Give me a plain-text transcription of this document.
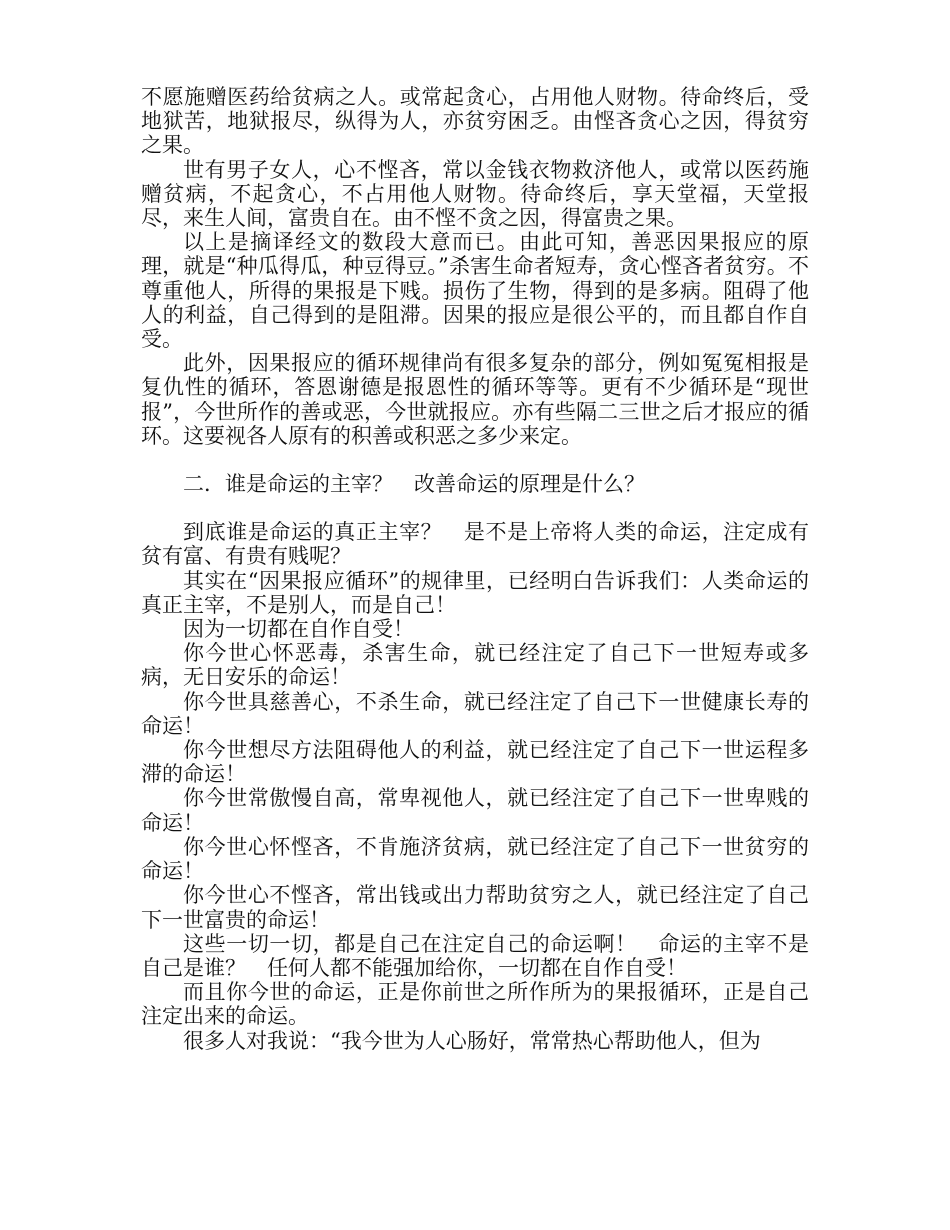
不愿施赠医药给贫病之人。或常起贪心，占用他人财物。待命终后，受地狱苦，地狱报尽，纵得为人，亦贫穷困乏。由悭吝贪心之因，得贫穷之果。

世有男子女人，心不悭吝，常以金钱衣物救济他人，或常以医药施赠贫病，不起贪心，不占用他人财物。待命终后，享天堂福，天堂报尽，来生人间，富贵自在。由不悭不贪之因，得富贵之果。

以上是摘译经文的数段大意而已。由此可知，善恶因果报应的原理，就是“种瓜得瓜，种豆得豆。”杀害生命者短寿，贪心悭吝者贫穷。不尊重他人，所得的果报是下贱。损伤了生物，得到的是多病。阻碍了他人的利益，自己得到的是阻滞。因果的报应是很公平的，而且都自作自受。

此外，因果报应的循环规律尚有很多复杂的部分，例如冤冤相报是复仇性的循环，答恩谢德是报恩性的循环等等。更有不少循环是“现世报”，今世所作的善或恶，今世就报应。亦有些隔二三世之后才报应的循环。这要视各人原有的积善或积恶之多少来定。

二．谁是命运的主宰？　改善命运的原理是什么？

到底谁是命运的真正主宰？　是不是上帝将人类的命运，注定成有贫有富、有贵有贱呢？

其实在“因果报应循环”的规律里，已经明白告诉我们：人类命运的真正主宰，不是别人，而是自己！

因为一切都在自作自受！

你今世心怀恶毒，杀害生命，就已经注定了自己下一世短寿或多病，无日安乐的命运！

你今世具慈善心，不杀生命，就已经注定了自己下一世健康长寿的命运！

你今世想尽方法阻碍他人的利益，就已经注定了自己下一世运程多滞的命运！

你今世常傲慢自高，常卑视他人，就已经注定了自己下一世卑贱的命运！

你今世心怀悭吝，不肯施济贫病，就已经注定了自己下一世贫穷的命运！

你今世心不悭吝，常出钱或出力帮助贫穷之人，就已经注定了自己下一世富贵的命运！

这些一切一切，都是自己在注定自己的命运啊！　命运的主宰不是自己是谁？　任何人都不能强加给你，一切都在自作自受！

而且你今世的命运，正是你前世之所作所为的果报循环，正是自己注定出来的命运。

很多人对我说：“我今世为人心肠好，常常热心帮助他人，但为
